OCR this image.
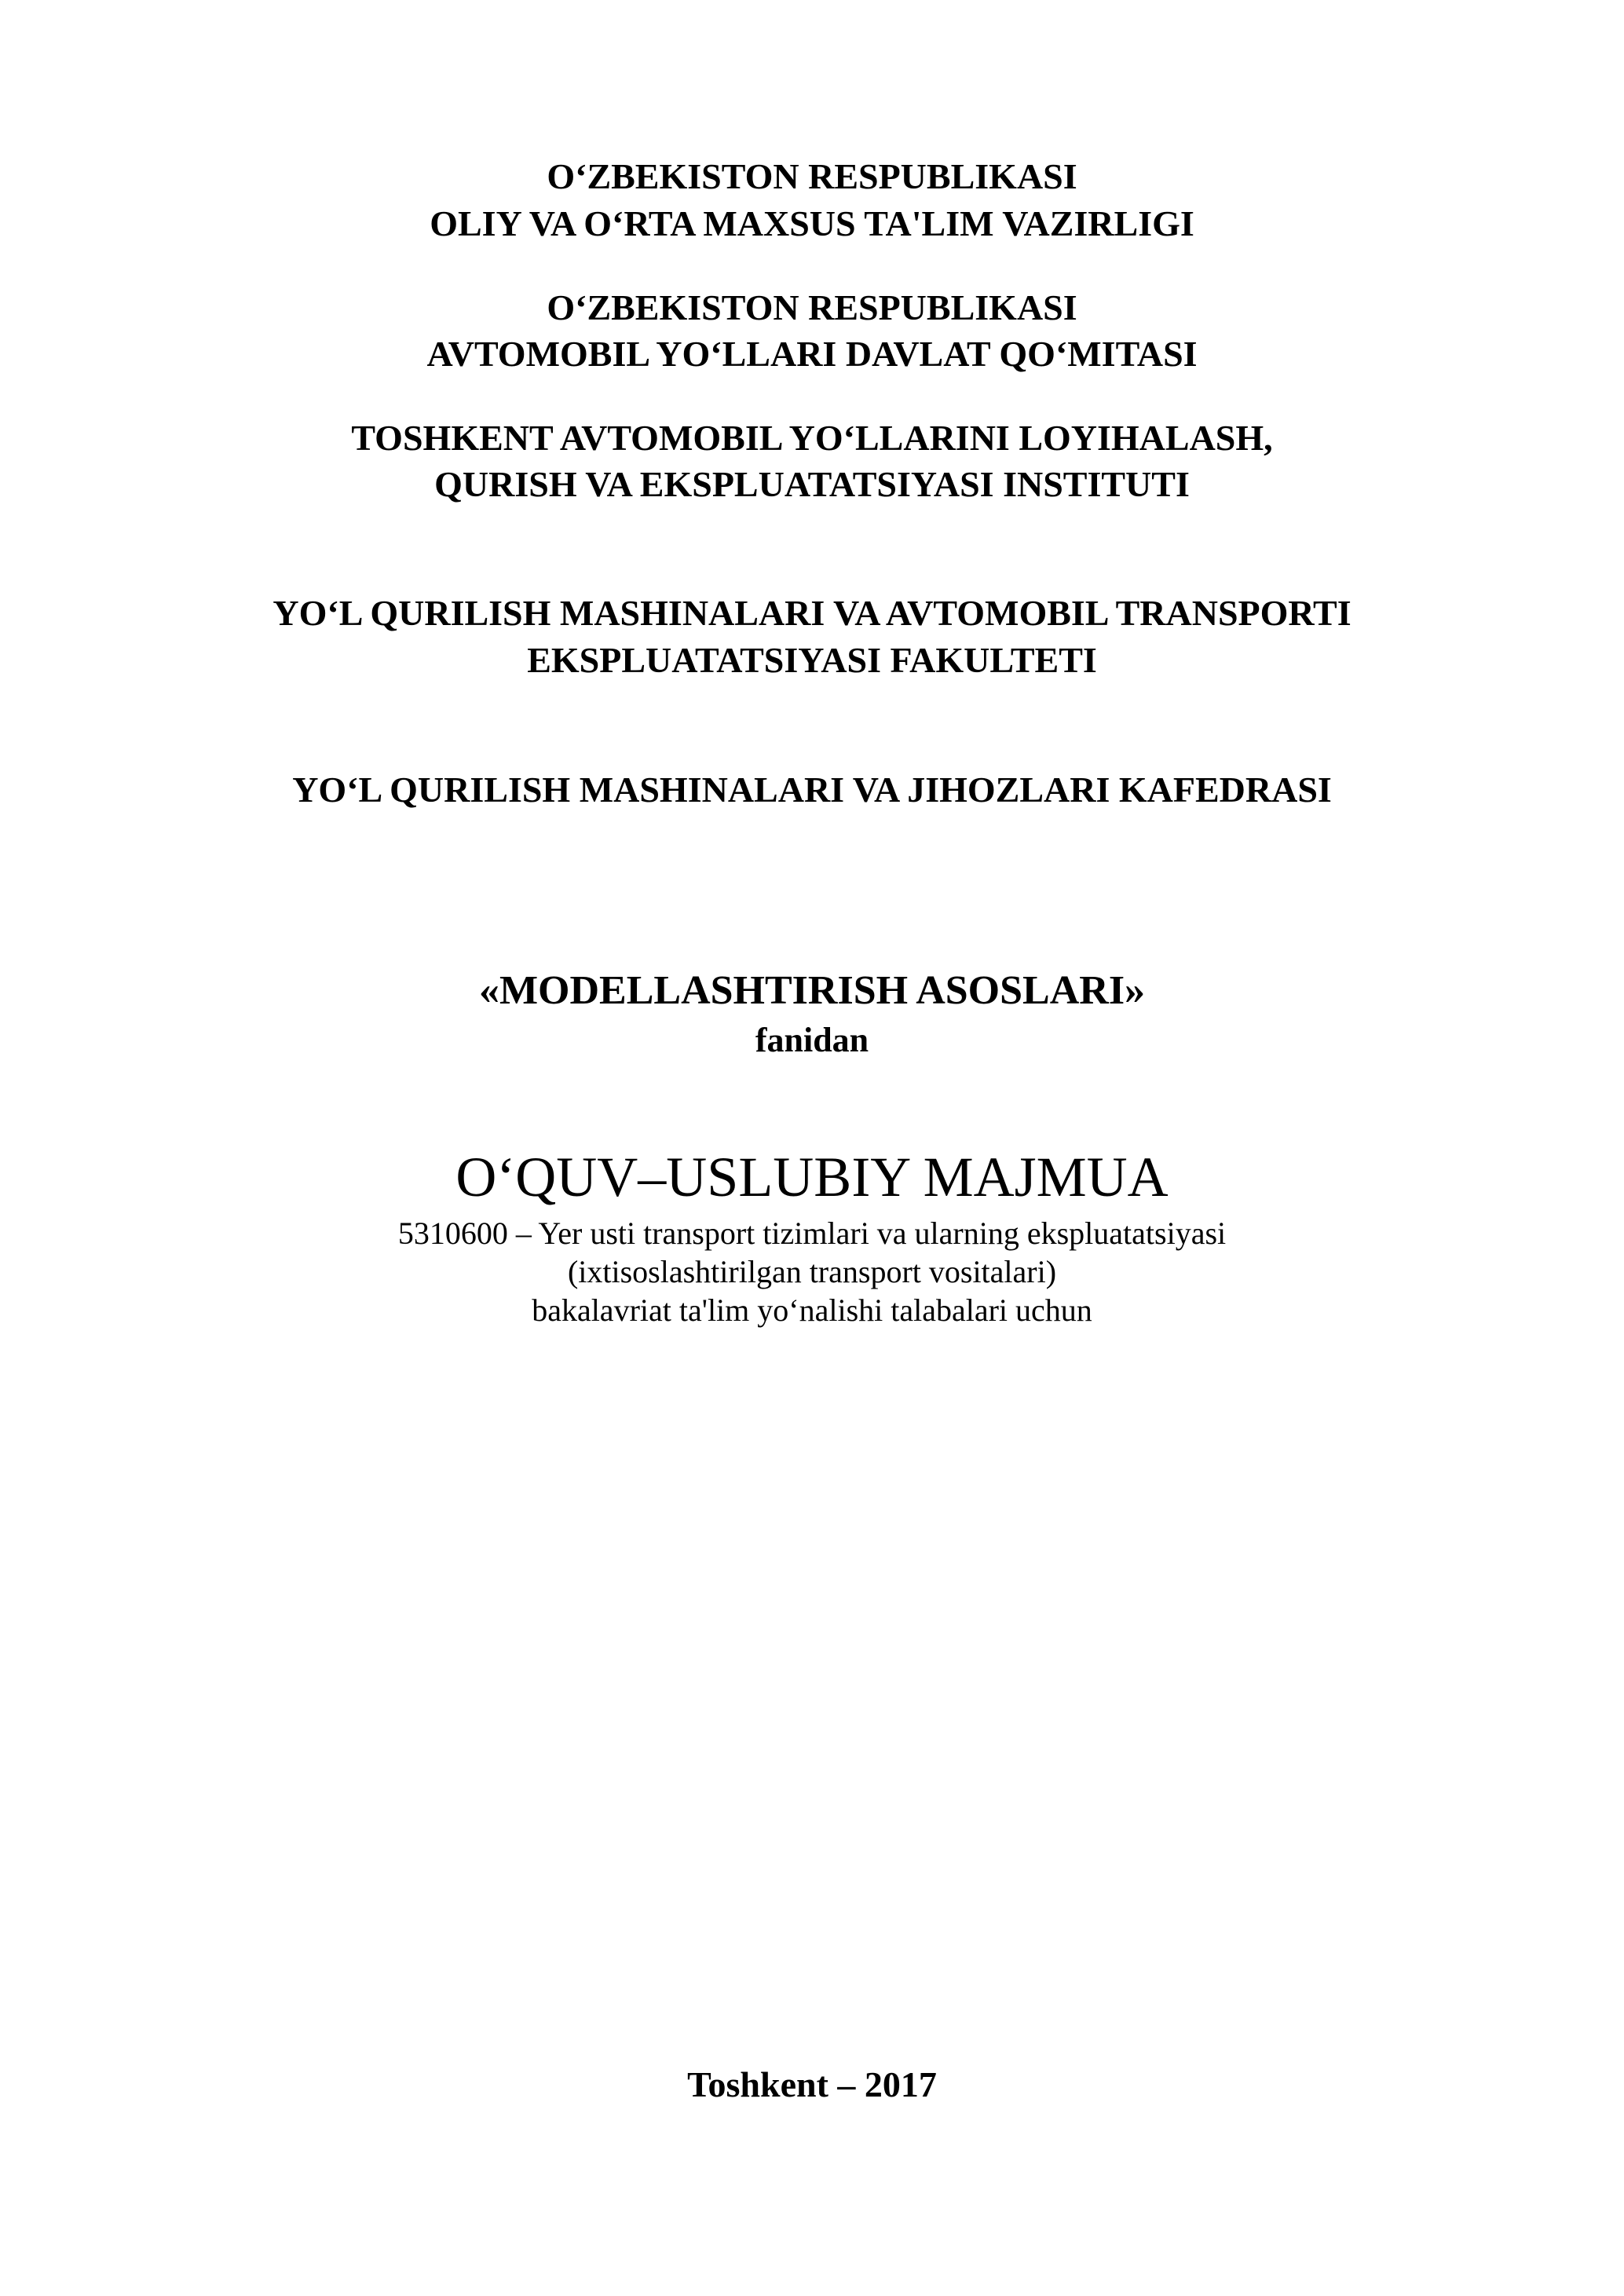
O‘ZBEKISTON RESPUBLIKASI
OLIY VA O‘RTA MAXSUS TA'LIM VAZIRLIGI
O‘ZBEKISTON RESPUBLIKASI
AVTOMOBIL YO‘LLARI DAVLAT QO‘MITASI
TOSHKENT AVTOMOBIL YO‘LLARINI LOYIHALASH,
QURISH VA EKSPLUATATSIYASI INSTITUTI
YO‘L QURILISH MASHINALARI VA AVTOMOBIL TRANSPORTI
EKSPLUATATSIYASI FAKULTETI
YO‘L QURILISH MASHINALARI VA JIHOZLARI KAFEDRASI
«MODELLASHTIRISH ASOSLARI»
fanidan
O‘QUV–USLUBIY MAJMUA
5310600 – Yer usti transport tizimlari va ularning ekspluatatsiyasi
(ixtisoslashtirilgan transport vositalari)
bakalavriat ta'lim yo‘nalishi talabalari uchun
Toshkent – 2017
